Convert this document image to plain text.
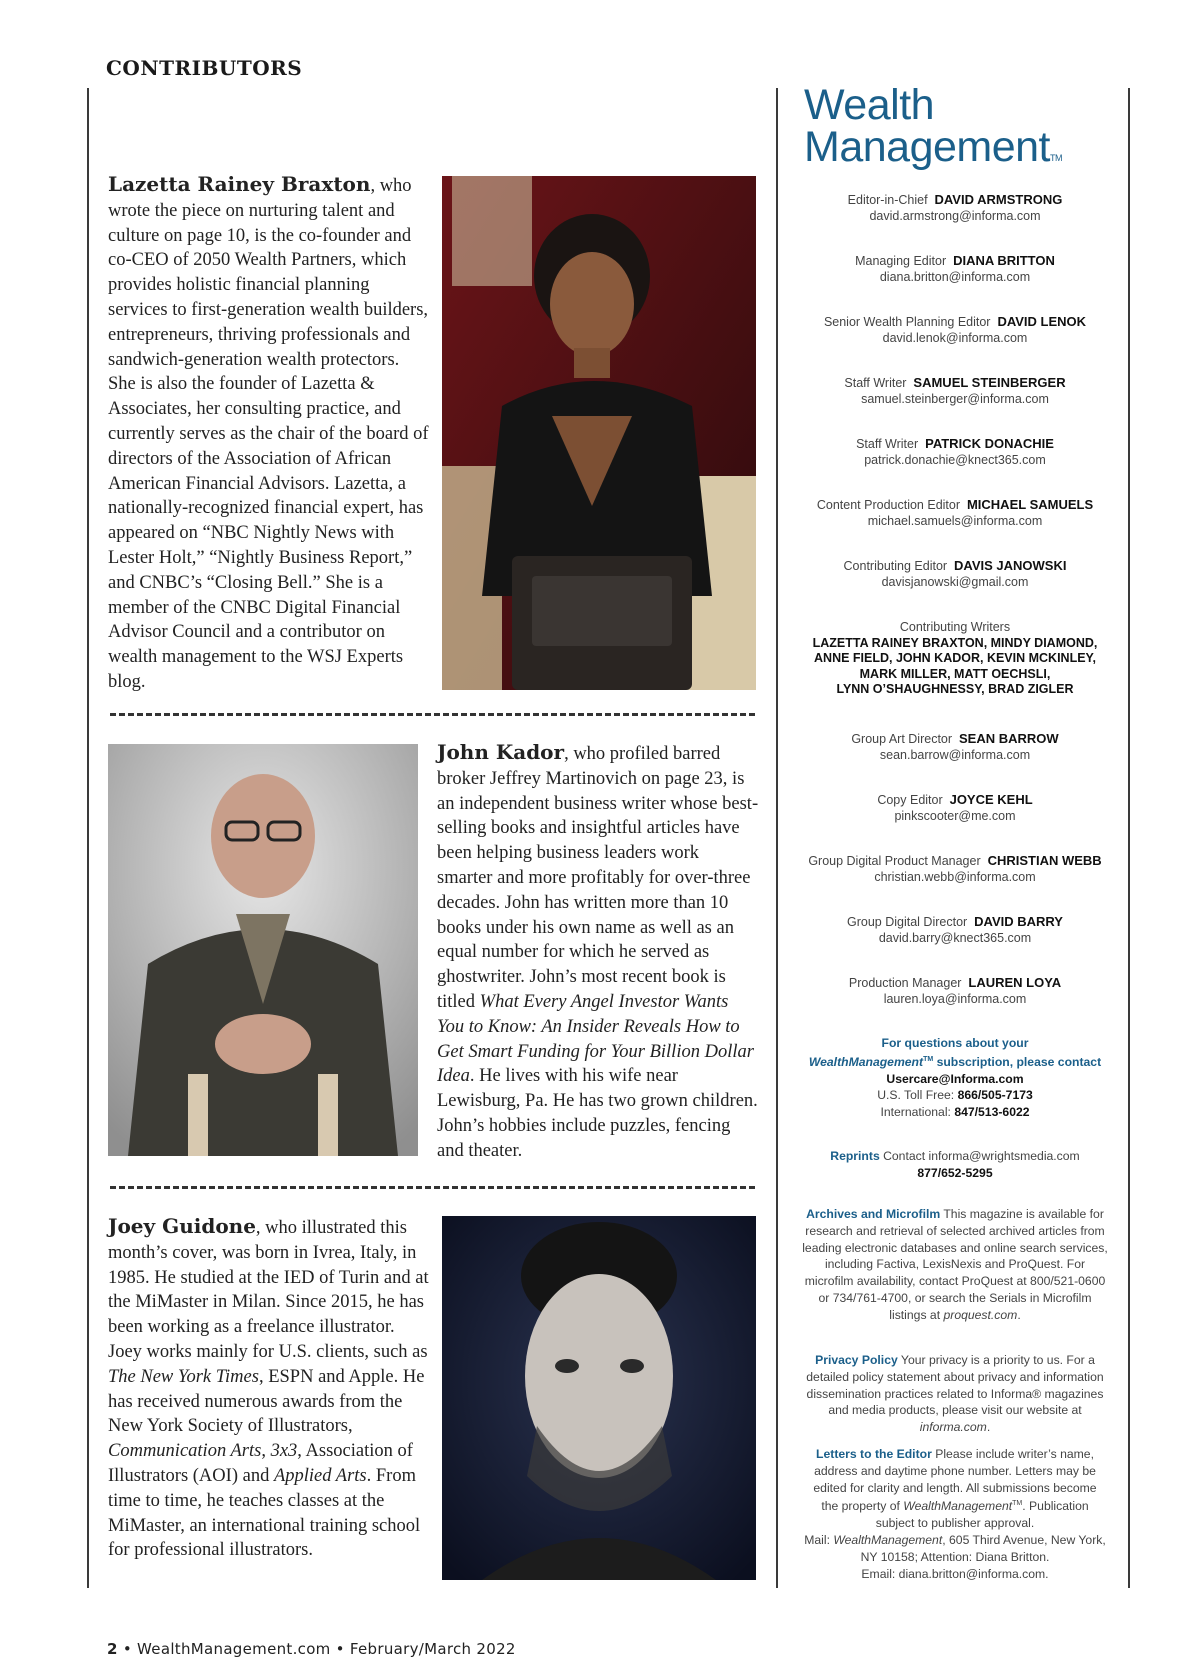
CONTRIBUTORS

Lazetta Rainey Braxton, who wrote the piece on nurturing talent and culture on page 10, is the co-founder and co-CEO of 2050 Wealth Partners, which provides holistic financial planning services to first-generation wealth builders, entrepreneurs, thriving professionals and sandwich-generation wealth protectors. She is also the founder of Lazetta & Associates, her consulting practice, and currently serves as the chair of the board of directors of the Association of African American Financial Advisors. Lazetta, a nationally-recognized financial expert, has appeared on “NBC Nightly News with Lester Holt,” “Nightly Business Report,” and CNBC’s “Closing Bell.” She is a member of the CNBC Digital Financial Advisor Council and a contributor on wealth management to the WSJ Experts blog.

John Kador, who profiled barred broker Jeffrey Martinovich on page 23, is an independent business writer whose best-selling books and insightful articles have been helping business leaders work smarter and more profitably for over-three decades. John has written more than 10 books under his own name as well as an equal number for which he served as ghostwriter. John’s most recent book is titled What Every Angel Investor Wants You to Know: An Insider Reveals How to Get Smart Funding for Your Billion Dollar Idea. He lives with his wife near Lewisburg, Pa. He has two grown children. John’s hobbies include puzzles, fencing and theater.

Joey Guidone, who illustrated this month’s cover, was born in Ivrea, Italy, in 1985. He studied at the IED of Turin and at the MiMaster in Milan. Since 2015, he has been working as a freelance illustrator. Joey works mainly for U.S. clients, such as The New York Times, ESPN and Apple. He has received numerous awards from the New York Society of Illustrators, Communication Arts, 3x3, Association of Illustrators (AOI) and Applied Arts. From time to time, he teaches classes at the MiMaster, an international training school for professional illustrators.

Wealth
ManagementTM
Editor-in-Chief DAVID ARMSTRONG
david.armstrong@informa.com
Managing Editor DIANA BRITTON
diana.britton@informa.com
Senior Wealth Planning Editor DAVID LENOK
david.lenok@informa.com
Staff Writer SAMUEL STEINBERGER
samuel.steinberger@informa.com
Staff Writer PATRICK DONACHIE
patrick.donachie@knect365.com
Content Production Editor MICHAEL SAMUELS
michael.samuels@informa.com
Contributing Editor DAVIS JANOWSKI
davisjanowski@gmail.com
Contributing Writers
LAZETTA RAINEY BRAXTON, MINDY DIAMOND,
ANNE FIELD, JOHN KADOR, KEVIN MCKINLEY,
MARK MILLER, MATT OECHSLI,
LYNN O’SHAUGHNESSY, BRAD ZIGLER
Group Art Director SEAN BARROW
sean.barrow@informa.com
Copy Editor JOYCE KEHL
pinkscooter@me.com
Group Digital Product Manager CHRISTIAN WEBB
christian.webb@informa.com
Group Digital Director DAVID BARRY
david.barry@knect365.com
Production Manager LAUREN LOYA
lauren.loya@informa.com
For questions about your
WealthManagement™ subscription, please contact
Usercare@Informa.com
U.S. Toll Free: 866/505-7173
International: 847/513-6022
Reprints Contact informa@wrightsmedia.com
877/652-5295
Archives and Microfilm This magazine is available for research and retrieval of selected archived articles from leading electronic databases and online search services, including Factiva, LexisNexis and ProQuest. For microfilm availability, contact ProQuest at 800/521-0600 or 734/761-4700, or search the Serials in Microfilm listings at proquest.com.
Privacy Policy Your privacy is a priority to us. For a detailed policy statement about privacy and information dissemination practices related to Informa® magazines and media products, please visit our website at informa.com.
Letters to the Editor Please include writer’s name, address and daytime phone number. Letters may be edited for clarity and length. All submissions become the property of WealthManagement™. Publication subject to publisher approval.
Mail: WealthManagement, 605 Third Avenue, New York, NY 10158; Attention: Diana Britton.
Email: diana.britton@informa.com.
2 • WealthManagement.com • February/March 2022
